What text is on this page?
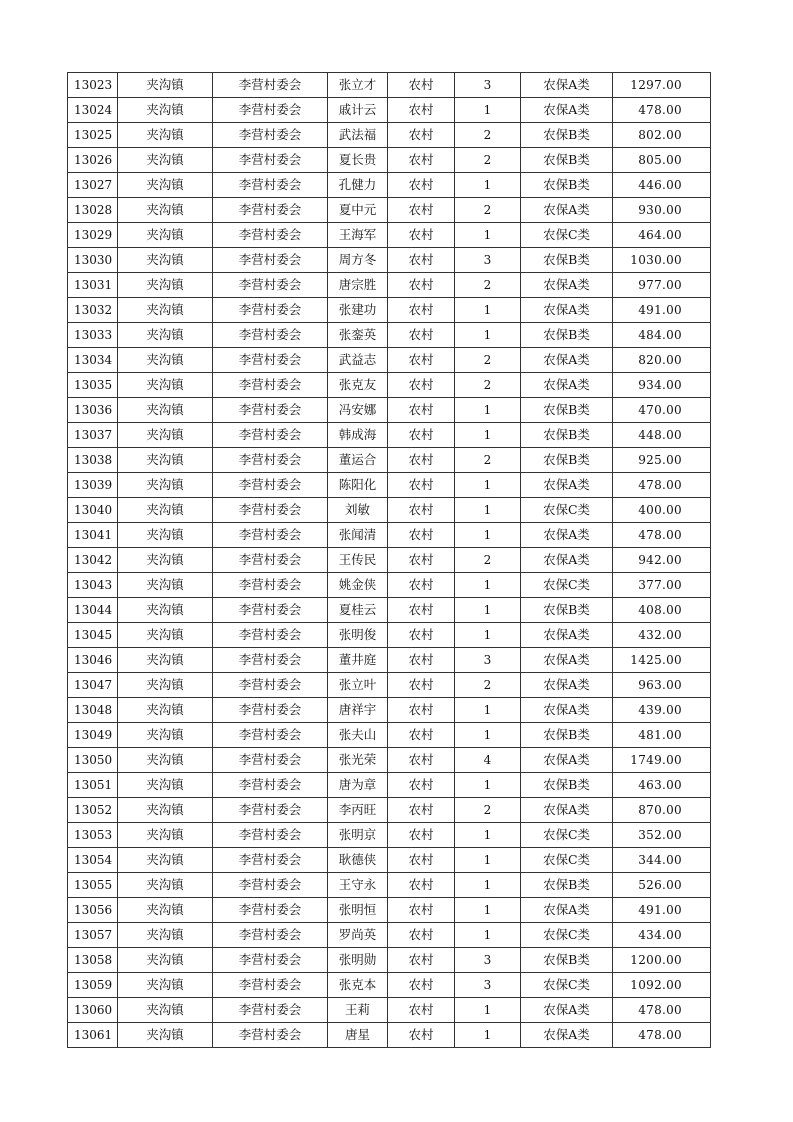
13023	夹沟镇	李营村委会	张立才	农村	3	农保A类	1297.00
13024	夹沟镇	李营村委会	戚计云	农村	1	农保A类	478.00
13025	夹沟镇	李营村委会	武法福	农村	2	农保B类	802.00
13026	夹沟镇	李营村委会	夏长贵	农村	2	农保B类	805.00
13027	夹沟镇	李营村委会	孔健力	农村	1	农保B类	446.00
13028	夹沟镇	李营村委会	夏中元	农村	2	农保A类	930.00
13029	夹沟镇	李营村委会	王海军	农村	1	农保C类	464.00
13030	夹沟镇	李营村委会	周方冬	农村	3	农保B类	1030.00
13031	夹沟镇	李营村委会	唐宗胜	农村	2	农保A类	977.00
13032	夹沟镇	李营村委会	张建功	农村	1	农保A类	491.00
13033	夹沟镇	李营村委会	张銮英	农村	1	农保B类	484.00
13034	夹沟镇	李营村委会	武益志	农村	2	农保A类	820.00
13035	夹沟镇	李营村委会	张克友	农村	2	农保A类	934.00
13036	夹沟镇	李营村委会	冯安娜	农村	1	农保B类	470.00
13037	夹沟镇	李营村委会	韩成海	农村	1	农保B类	448.00
13038	夹沟镇	李营村委会	董运合	农村	2	农保B类	925.00
13039	夹沟镇	李营村委会	陈阳化	农村	1	农保A类	478.00
13040	夹沟镇	李营村委会	刘敏	农村	1	农保C类	400.00
13041	夹沟镇	李营村委会	张闻清	农村	1	农保A类	478.00
13042	夹沟镇	李营村委会	王传民	农村	2	农保A类	942.00
13043	夹沟镇	李营村委会	姚金侠	农村	1	农保C类	377.00
13044	夹沟镇	李营村委会	夏桂云	农村	1	农保B类	408.00
13045	夹沟镇	李营村委会	张明俊	农村	1	农保A类	432.00
13046	夹沟镇	李营村委会	董井庭	农村	3	农保A类	1425.00
13047	夹沟镇	李营村委会	张立叶	农村	2	农保A类	963.00
13048	夹沟镇	李营村委会	唐祥宇	农村	1	农保A类	439.00
13049	夹沟镇	李营村委会	张夫山	农村	1	农保B类	481.00
13050	夹沟镇	李营村委会	张光荣	农村	4	农保A类	1749.00
13051	夹沟镇	李营村委会	唐为章	农村	1	农保B类	463.00
13052	夹沟镇	李营村委会	李丙旺	农村	2	农保A类	870.00
13053	夹沟镇	李营村委会	张明京	农村	1	农保C类	352.00
13054	夹沟镇	李营村委会	耿德侠	农村	1	农保C类	344.00
13055	夹沟镇	李营村委会	王守永	农村	1	农保B类	526.00
13056	夹沟镇	李营村委会	张明恒	农村	1	农保A类	491.00
13057	夹沟镇	李营村委会	罗尚英	农村	1	农保C类	434.00
13058	夹沟镇	李营村委会	张明勋	农村	3	农保B类	1200.00
13059	夹沟镇	李营村委会	张克本	农村	3	农保C类	1092.00
13060	夹沟镇	李营村委会	王莉	农村	1	农保A类	478.00
13061	夹沟镇	李营村委会	唐星	农村	1	农保A类	478.00
